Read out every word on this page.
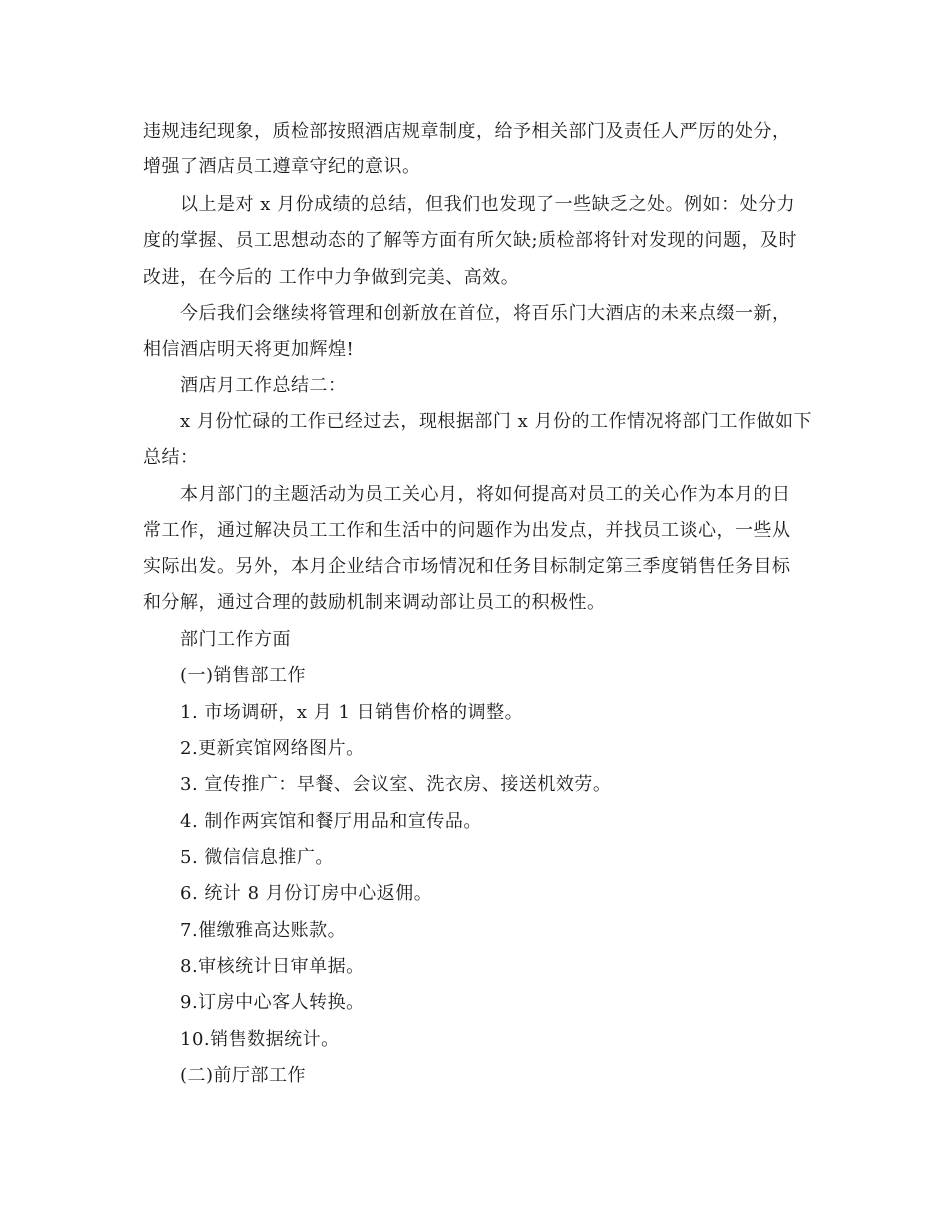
违规违纪现象，质检部按照酒店规章制度，给予相关部门及责任人严厉的处分，
增强了酒店员工遵章守纪的意识。
以上是对 x 月份成绩的总结，但我们也发现了一些缺乏之处。例如：处分力
度的掌握、员工思想动态的了解等方面有所欠缺;质检部将针对发现的问题，及时
改进，在今后的 工作中力争做到完美、高效。
今后我们会继续将管理和创新放在首位，将百乐门大酒店的未来点缀一新，
相信酒店明天将更加辉煌!
酒店月工作总结二：
x 月份忙碌的工作已经过去，现根据部门 x 月份的工作情况将部门工作做如下
总结：
本月部门的主题活动为员工关心月，将如何提高对员工的关心作为本月的日
常工作，通过解决员工工作和生活中的问题作为出发点，并找员工谈心，一些从
实际出发。另外，本月企业结合市场情况和任务目标制定第三季度销售任务目标
和分解，通过合理的鼓励机制来调动部让员工的积极性。
部门工作方面
(一)销售部工作
1. 市场调研，x 月 1 日销售价格的调整。
2.更新宾馆网络图片。
3. 宣传推广：早餐、会议室、洗衣房、接送机效劳。
4. 制作两宾馆和餐厅用品和宣传品。
5. 微信信息推广。
6. 统计 8 月份订房中心返佣。
7.催缴雅高达账款。
8.审核统计日审单据。
9.订房中心客人转换。
10.销售数据统计。
(二)前厅部工作
